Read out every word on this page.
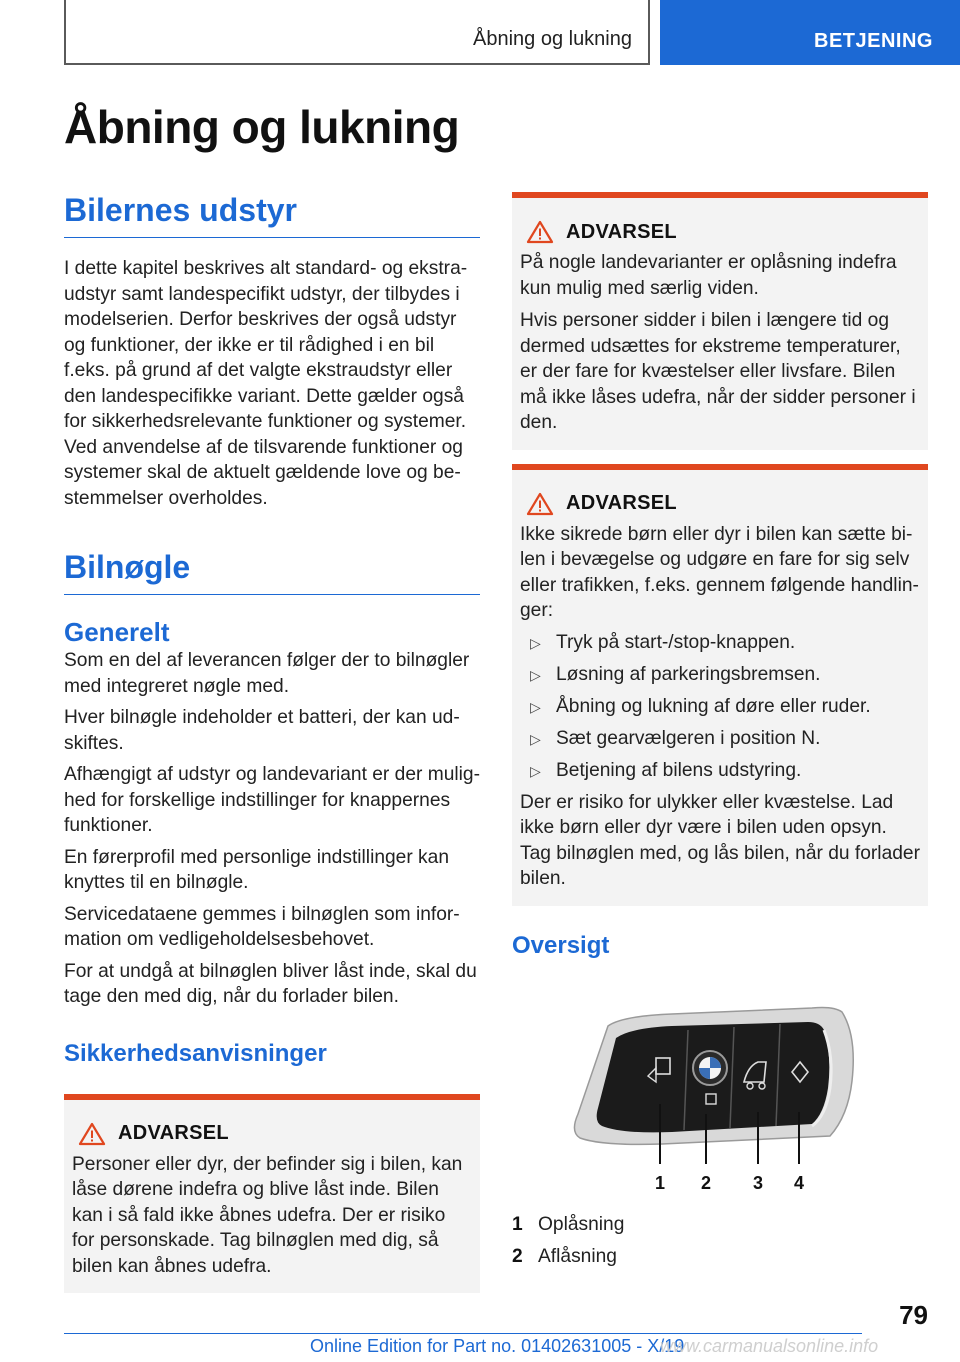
Åbning og lukning	BETJENING
Åbning og lukning
Bilernes udstyr

I dette kapitel beskrives alt standard- og ekstraudstyr samt landespecifikt udstyr, der tilbydes i modelserien. Derfor beskrives der også udstyr og funktioner, der ikke er til rådighed i en bil f.eks. på grund af det valgte ekstraudstyr eller den landespecifikke variant. Dette gælder også for sikkerhedsrelevante funktioner og systemer. Ved anvendelse af de tilsvarende funktioner og systemer skal de aktuelt gældende love og bestemmelser overholdes.

Bilnøgle
Generelt

Som en del af leverancen følger der to bilnøgler med integreret nøgle med.

Hver bilnøgle indeholder et batteri, der kan udskiftes.

Afhængigt af udstyr og landevariant er der mulighed for forskellige indstillinger for knappernes funktioner.

En førerprofil med personlige indstillinger kan knyttes til en bilnøgle.

Servicedataene gemmes i bilnøglen som information om vedligeholdelsesbehovet.

For at undgå at bilnøglen bliver låst inde, skal du tage den med dig, når du forlader bilen.

Sikkerhedsanvisninger
ADVARSEL

Personer eller dyr, der befinder sig i bilen, kan låse dørene indefra og blive låst inde. Bilen kan i så fald ikke åbnes udefra. Der er risiko for personskade. Tag bilnøglen med dig, så bilen kan åbnes udefra.

ADVARSEL

På nogle landevarianter er oplåsning indefra kun mulig med særlig viden.

Hvis personer sidder i bilen i længere tid og dermed udsættes for ekstreme temperaturer, er der fare for kvæstelser eller livsfare. Bilen må ikke låses udefra, når der sidder personer i den.

ADVARSEL

Ikke sikrede børn eller dyr i bilen kan sætte bilen i bevægelse og udgøre en fare for sig selv eller trafikken, f.eks. gennem følgende handlinger:

▷ Tryk på start-/stop-knappen.
▷ Løsning af parkeringsbremsen.
▷ Åbning og lukning af døre eller ruder.
▷ Sæt gearvælgeren i position N.
▷ Betjening af bilens udstyring.

Der er risiko for ulykker eller kvæstelse. Lad ikke børn eller dyr være i bilen uden opsyn. Tag bilnøglen med, og lås bilen, når du forlader bilen.

Oversigt
1 2 3 4
1 Oplåsning
2 Aflåsning
79
Online Edition for Part no. 01402631005 - X/19
www.carmanualsonline.info
